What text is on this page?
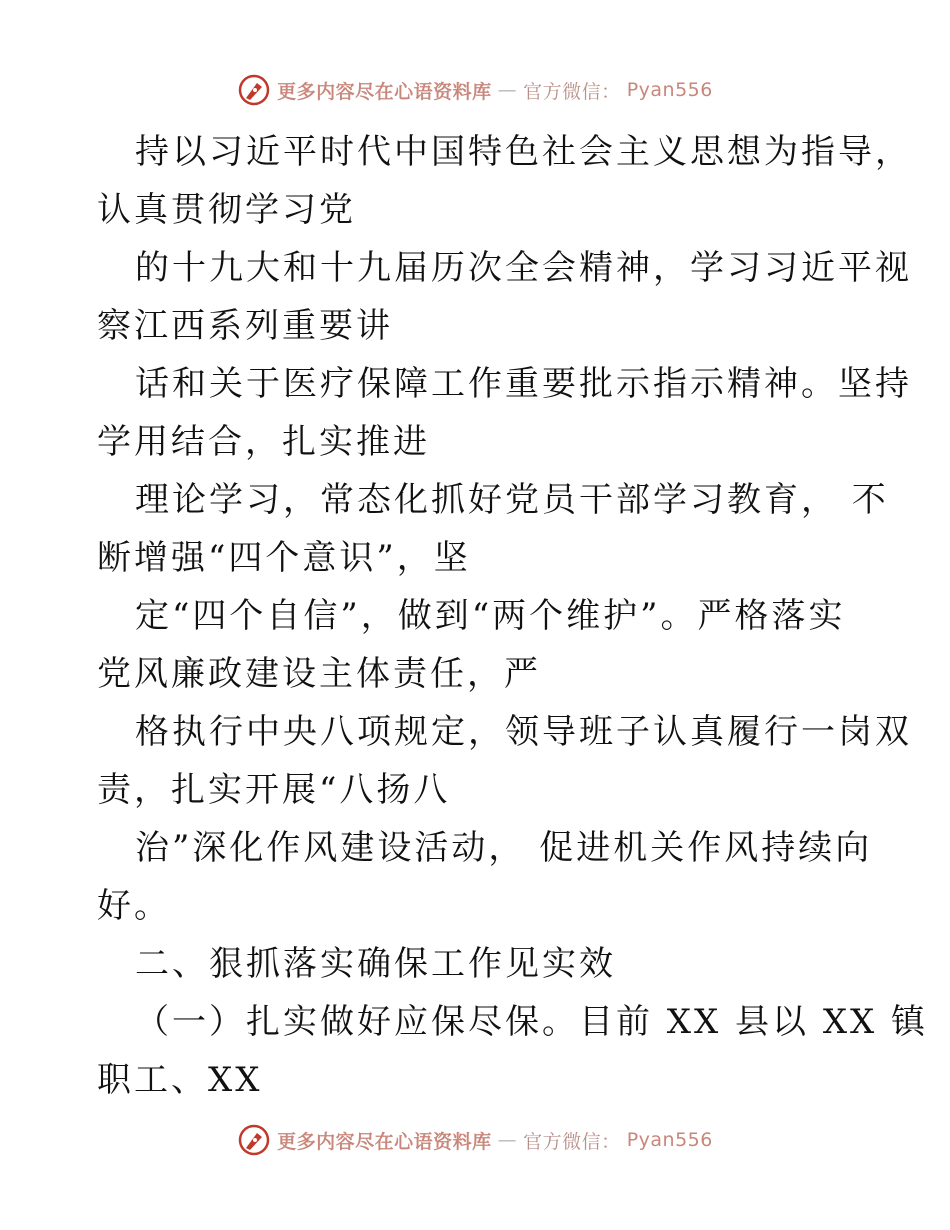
更多内容尽在心语资料库 — 官方微信： Pyan556
持以习近平时代中国特色社会主义思想为指导，
认真贯彻学习党
的十九大和十九届历次全会精神，学习习近平视
察江西系列重要讲
话和关于医疗保障工作重要批示指示精神。坚持
学用结合，扎实推进
理论学习，常态化抓好党员干部学习教育， 不
断增强“四个意识”，坚
定“四个自信”，做到“两个维护”。严格落实
党风廉政建设主体责任，严
格执行中央八项规定，领导班子认真履行一岗双
责，扎实开展“八扬八
治”深化作风建设活动， 促进机关作风持续向
好。
二、狠抓落实确保工作见实效
（一）扎实做好应保尽保。目前 XX 县以 XX 镇
职工、XX
更多内容尽在心语资料库 — 官方微信： Pyan556
